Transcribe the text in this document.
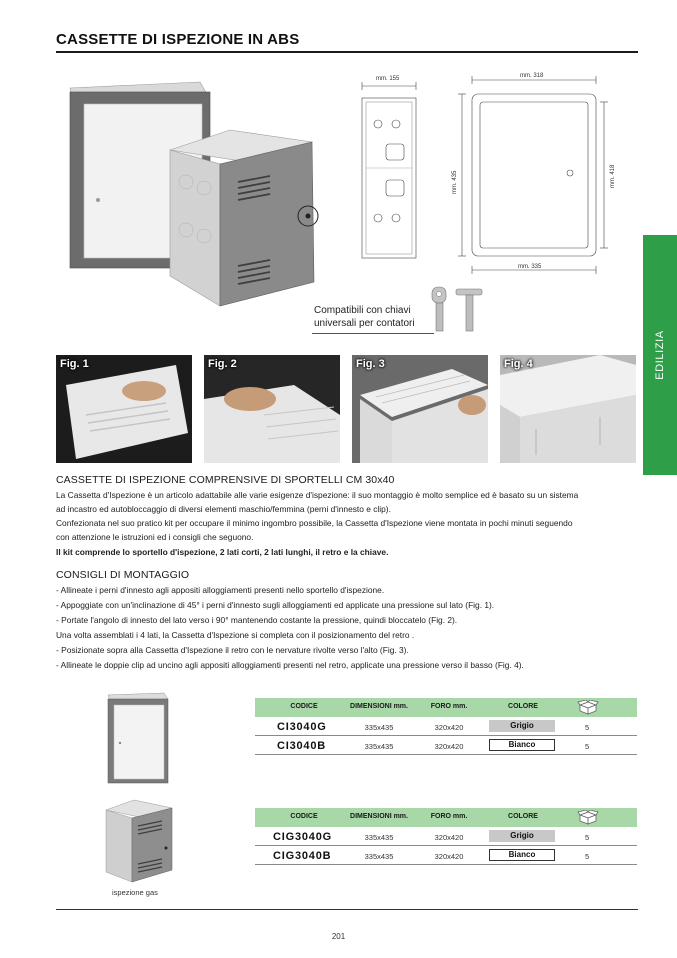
CASSETTE DI ISPEZIONE IN ABS
EDILIZIA
mm. 155	mm. 318
mm. 435	mm. 418
mm. 335
Compatibili con chiavi
universali per contatori
Fig. 1	Fig. 2	Fig. 3	Fig. 4
CASSETTE DI ISPEZIONE COMPRENSIVE DI SPORTELLI CM 30x40
La Cassetta d'Ispezione è un articolo adattabile alle varie esigenze d'ispezione: il suo montaggio è molto semplice ed è basato su un sistema
ad incastro ed autobloccaggio di diversi elementi maschio/femmina (perni d'innesto e clip).
Confezionata nel suo pratico kit per occupare il minimo ingombro possibile, la Cassetta d'Ispezione viene montata in pochi minuti seguendo
con attenzione le istruzioni ed i consigli che seguono.
Il kit comprende lo sportello d'ispezione, 2 lati corti, 2 lati lunghi, il retro e la chiave.
CONSIGLI DI MONTAGGIO
- Allineate i perni d'innesto agli appositi alloggiamenti presenti nello sportello d'ispezione.
- Appoggiate con un'inclinazione di 45° i perni d'innesto sugli alloggiamenti ed applicate una pressione sul lato (Fig. 1).
- Portate l'angolo di innesto del lato verso i 90° mantenendo costante la pressione, quindi bloccatelo (Fig. 2).
Una volta assemblati i 4 lati, la Cassetta d'Ispezione si completa con il posizionamento del retro .
- Posizionate sopra alla Cassetta d'Ispezione il retro con le nervature rivolte verso l'alto (Fig. 3).
- Allineate le doppie clip ad uncino agli appositi alloggiamenti presenti nel retro, applicate una pressione verso il basso (Fig. 4).
ispezione gas
CODICE	DIMENSIONI mm.	FORO mm.	COLORE
CI3040G	335x435	320x420	Grigio	5
CI3040B	335x435	320x420	Bianco	5
CODICE	DIMENSIONI mm.	FORO mm.	COLORE
CIG3040G	335x435	320x420	Grigio	5
CIG3040B	335x435	320x420	Bianco	5
201
